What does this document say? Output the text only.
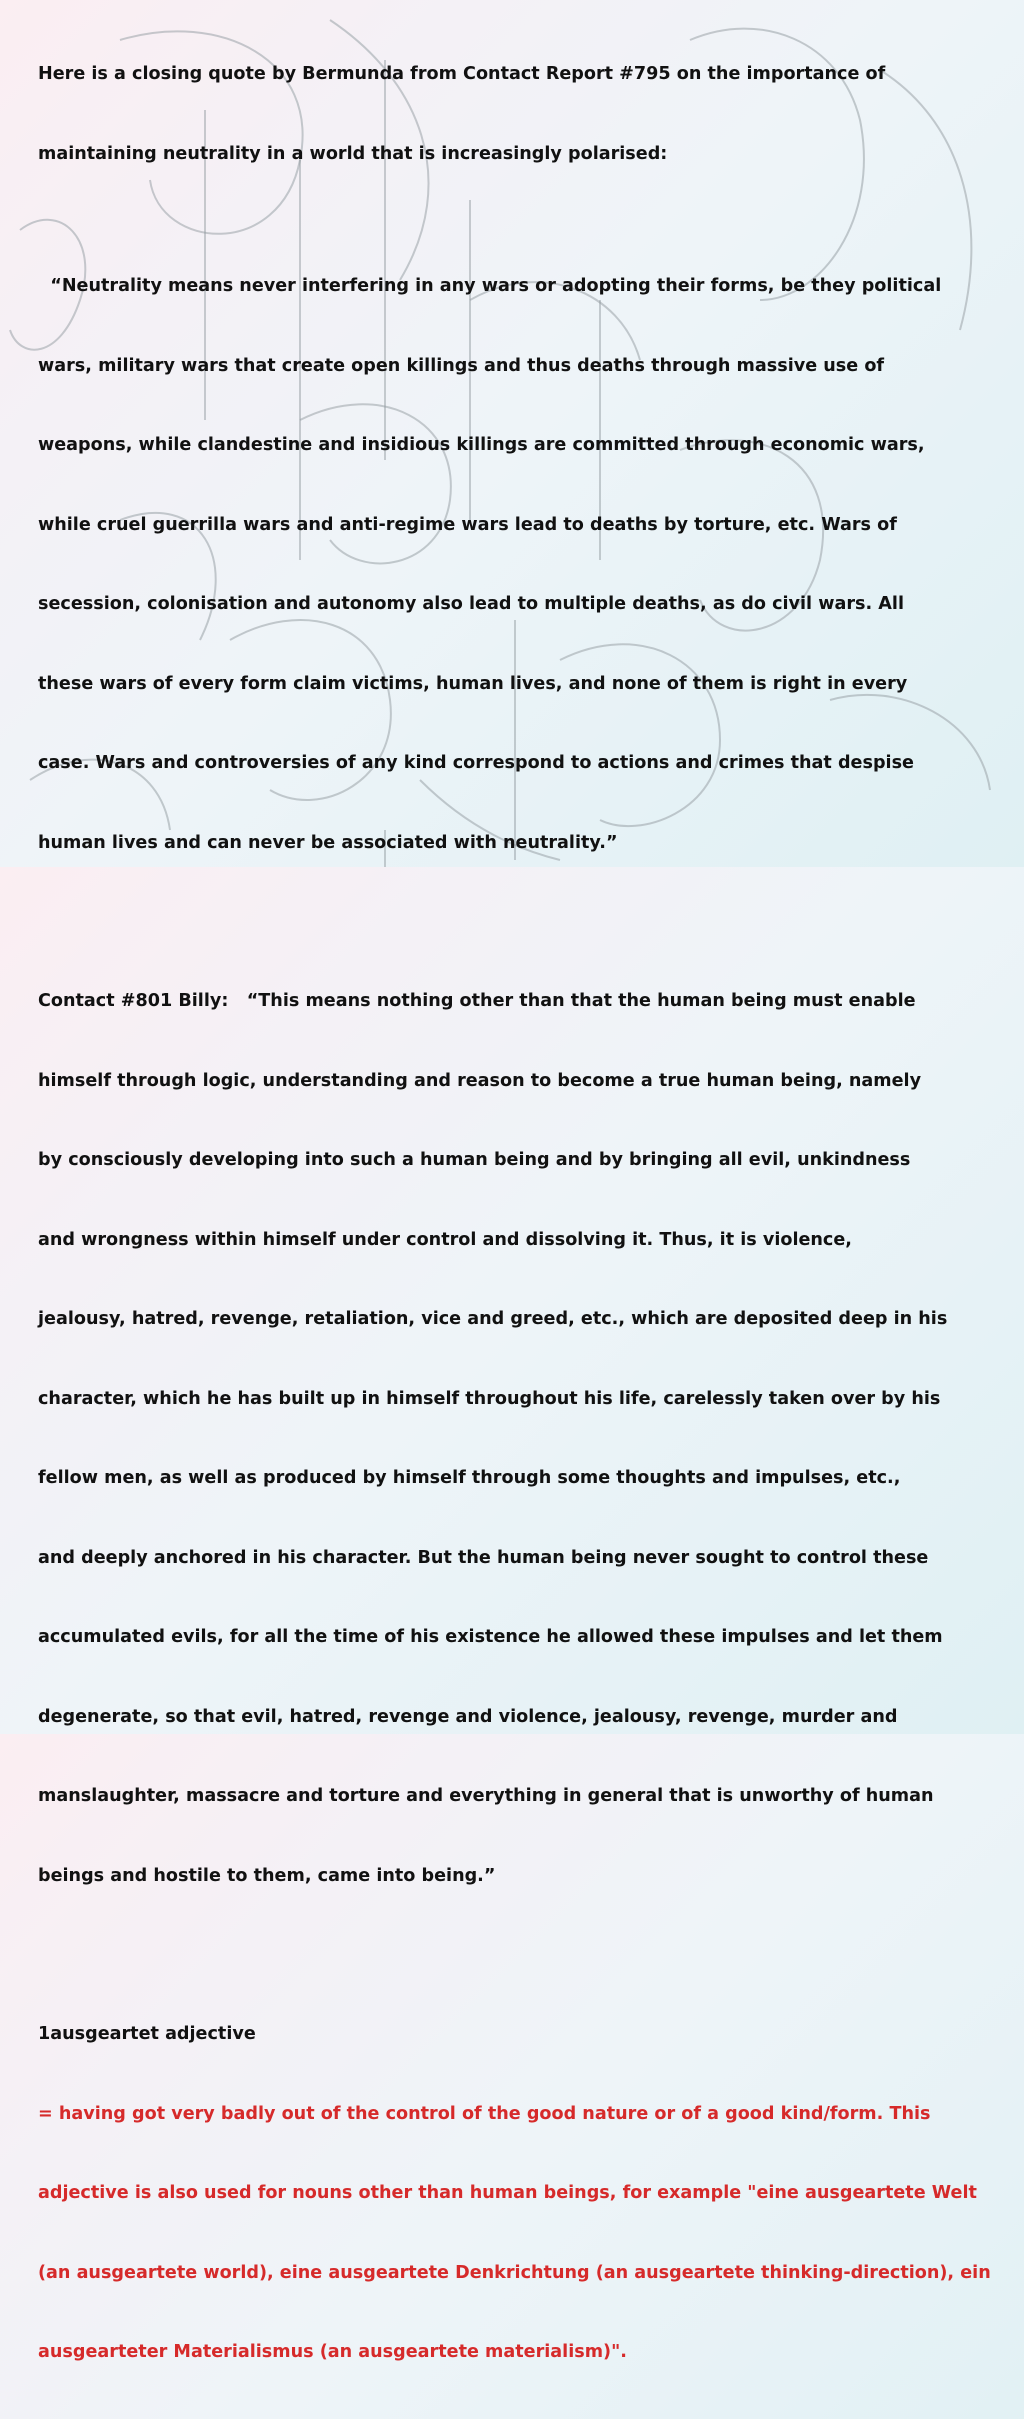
Here is a closing quote by Bermunda from Contact Report #795 on the importance of

maintaining neutrality in a world that is increasingly polarised:

“Neutrality means never interfering in any wars or adopting their forms, be they political

wars, military wars that create open killings and thus deaths through massive use of

weapons, while clandestine and insidious killings are committed through economic wars,

while cruel guerrilla wars and anti-regime wars lead to deaths by torture, etc. Wars of

secession, colonisation and autonomy also lead to multiple deaths, as do civil wars. All

these wars of every form claim victims, human lives, and none of them is right in every

case. Wars and controversies of any kind correspond to actions and crimes that despise

human lives and can never be associated with neutrality.”

Contact #801 Billy:   “This means nothing other than that the human being must enable

himself through logic, understanding and reason to become a true human being, namely

by consciously developing into such a human being and by bringing all evil, unkindness

and wrongness within himself under control and dissolving it. Thus, it is violence,

jealousy, hatred, revenge, retaliation, vice and greed, etc., which are deposited deep in his

character, which he has built up in himself throughout his life, carelessly taken over by his

fellow men, as well as produced by himself through some thoughts and impulses, etc.,

and deeply anchored in his character. But the human being never sought to control these

accumulated evils, for all the time of his existence he allowed these impulses and let them

degenerate, so that evil, hatred, revenge and violence, jealousy, revenge, murder and

manslaughter, massacre and torture and everything in general that is unworthy of human

beings and hostile to them, came into being.”

1ausgeartet adjective

= having got very badly out of the control of the good nature or of a good kind/form. This

adjective is also used for nouns other than human beings, for example "eine ausgeartete Welt

(an ausgeartete world), eine ausgeartete Denkrichtung (an ausgeartete thinking-direction), ein

ausgearteter Materialismus (an ausgeartete materialism)".
